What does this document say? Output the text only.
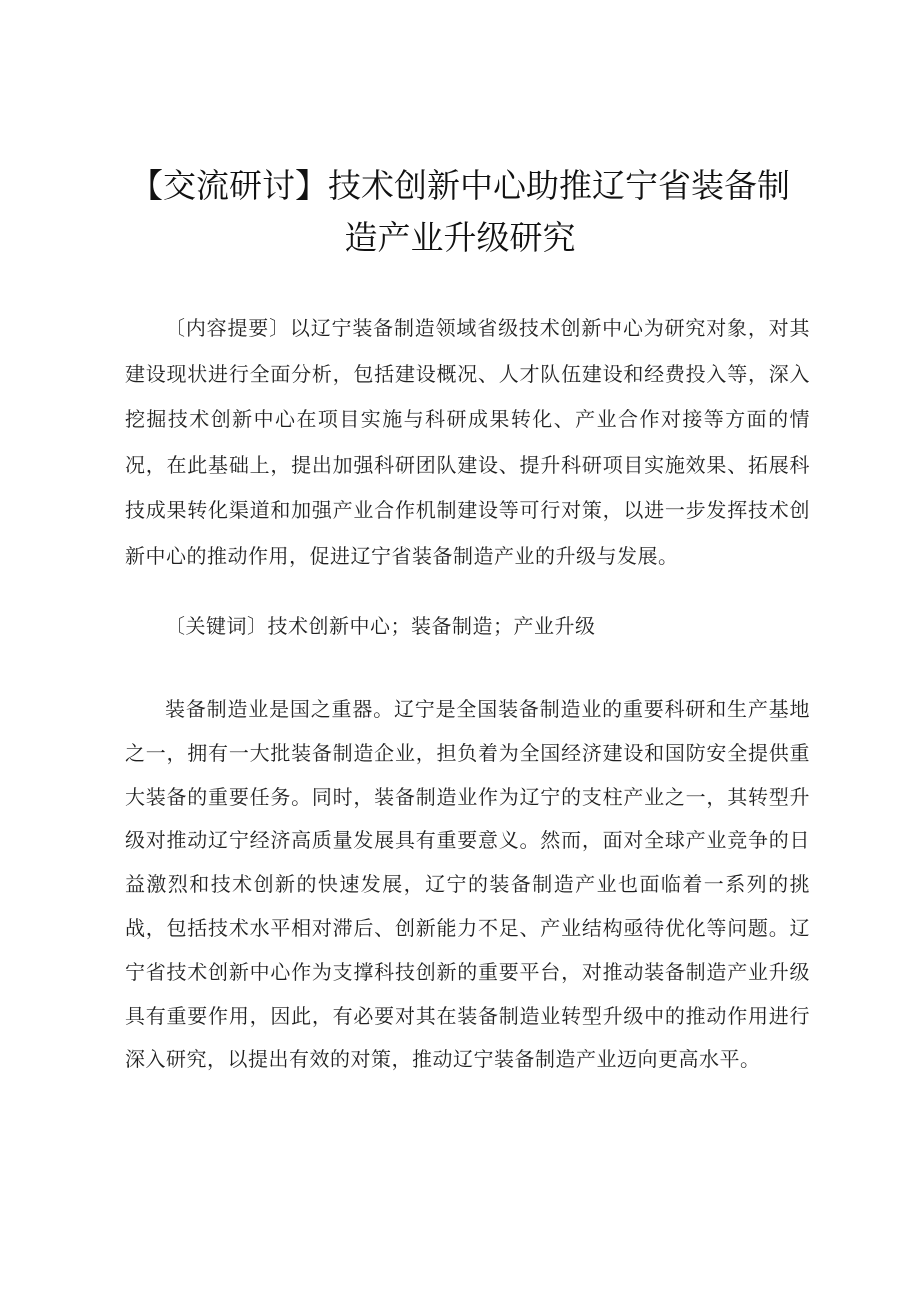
【交流研讨】技术创新中心助推辽宁省装备制
造产业升级研究

〔内容提要〕以辽宁装备制造领域省级技术创新中心为研究对象，对其建设现状进行全面分析，包括建设概况、人才队伍建设和经费投入等，深入挖掘技术创新中心在项目实施与科研成果转化、产业合作对接等方面的情况，在此基础上，提出加强科研团队建设、提升科研项目实施效果、拓展科技成果转化渠道和加强产业合作机制建设等可行对策，以进一步发挥技术创新中心的推动作用，促进辽宁省装备制造产业的升级与发展。

〔关键词〕技术创新中心；装备制造；产业升级

装备制造业是国之重器。辽宁是全国装备制造业的重要科研和生产基地之一，拥有一大批装备制造企业，担负着为全国经济建设和国防安全提供重大装备的重要任务。同时，装备制造业作为辽宁的支柱产业之一，其转型升级对推动辽宁经济高质量发展具有重要意义。然而，面对全球产业竞争的日益激烈和技术创新的快速发展，辽宁的装备制造产业也面临着一系列的挑战，包括技术水平相对滞后、创新能力不足、产业结构亟待优化等问题。辽宁省技术创新中心作为支撑科技创新的重要平台，对推动装备制造产业升级具有重要作用，因此，有必要对其在装备制造业转型升级中的推动作用进行深入研究，以提出有效的对策，推动辽宁装备制造产业迈向更高水平。
